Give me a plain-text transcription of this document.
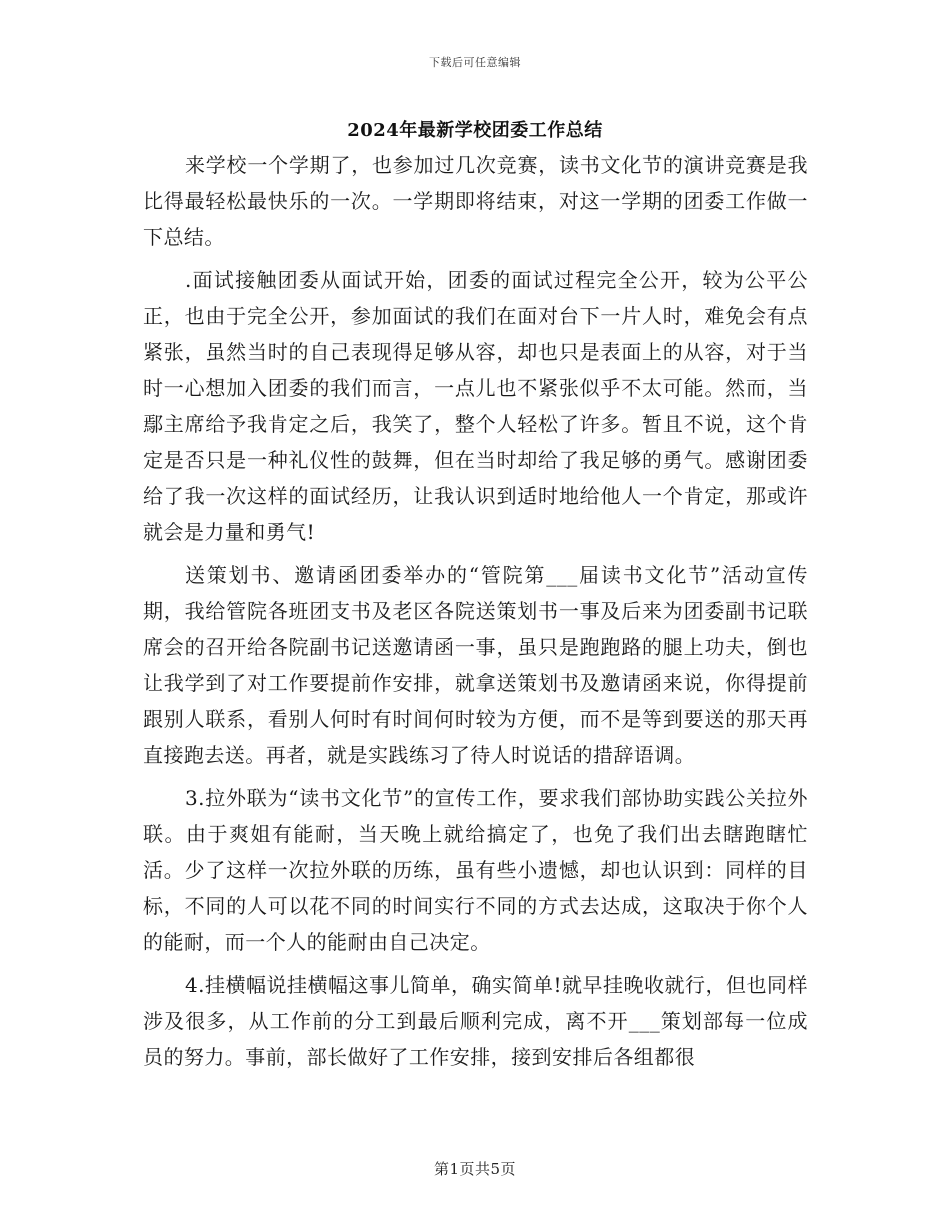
下载后可任意编辑
2024年最新学校团委工作总结

来学校一个学期了，也参加过几次竞赛，读书文化节的演讲竞赛是我比得最轻松最快乐的一次。一学期即将结束，对这一学期的团委工作做一下总结。

.面试接触团委从面试开始，团委的面试过程完全公开，较为公平公正，也由于完全公开，参加面试的我们在面对台下一片人时，难免会有点紧张，虽然当时的自己表现得足够从容，却也只是表面上的从容，对于当时一心想加入团委的我们而言，一点儿也不紧张似乎不太可能。然而，当鄢主席给予我肯定之后，我笑了，整个人轻松了许多。暂且不说，这个肯定是否只是一种礼仪性的鼓舞，但在当时却给了我足够的勇气。感谢团委给了我一次这样的面试经历，让我认识到适时地给他人一个肯定，那或许就会是力量和勇气!

送策划书、邀请函团委举办的“管院第___届读书文化节”活动宣传期，我给管院各班团支书及老区各院送策划书一事及后来为团委副书记联席会的召开给各院副书记送邀请函一事，虽只是跑跑路的腿上功夫，倒也让我学到了对工作要提前作安排，就拿送策划书及邀请函来说，你得提前跟别人联系，看别人何时有时间何时较为方便，而不是等到要送的那天再直接跑去送。再者，就是实践练习了待人时说话的措辞语调。

3.拉外联为“读书文化节”的宣传工作，要求我们部协助实践公关拉外联。由于爽姐有能耐，当天晚上就给搞定了，也免了我们出去瞎跑瞎忙活。少了这样一次拉外联的历练，虽有些小遗憾，却也认识到：同样的目标，不同的人可以花不同的时间实行不同的方式去达成，这取决于你个人的能耐，而一个人的能耐由自己决定。

4.挂横幅说挂横幅这事儿简单，确实简单!就早挂晚收就行，但也同样涉及很多，从工作前的分工到最后顺利完成，离不开___策划部每一位成员的努力。事前，部长做好了工作安排，接到安排后各组都很

第1页共5页
